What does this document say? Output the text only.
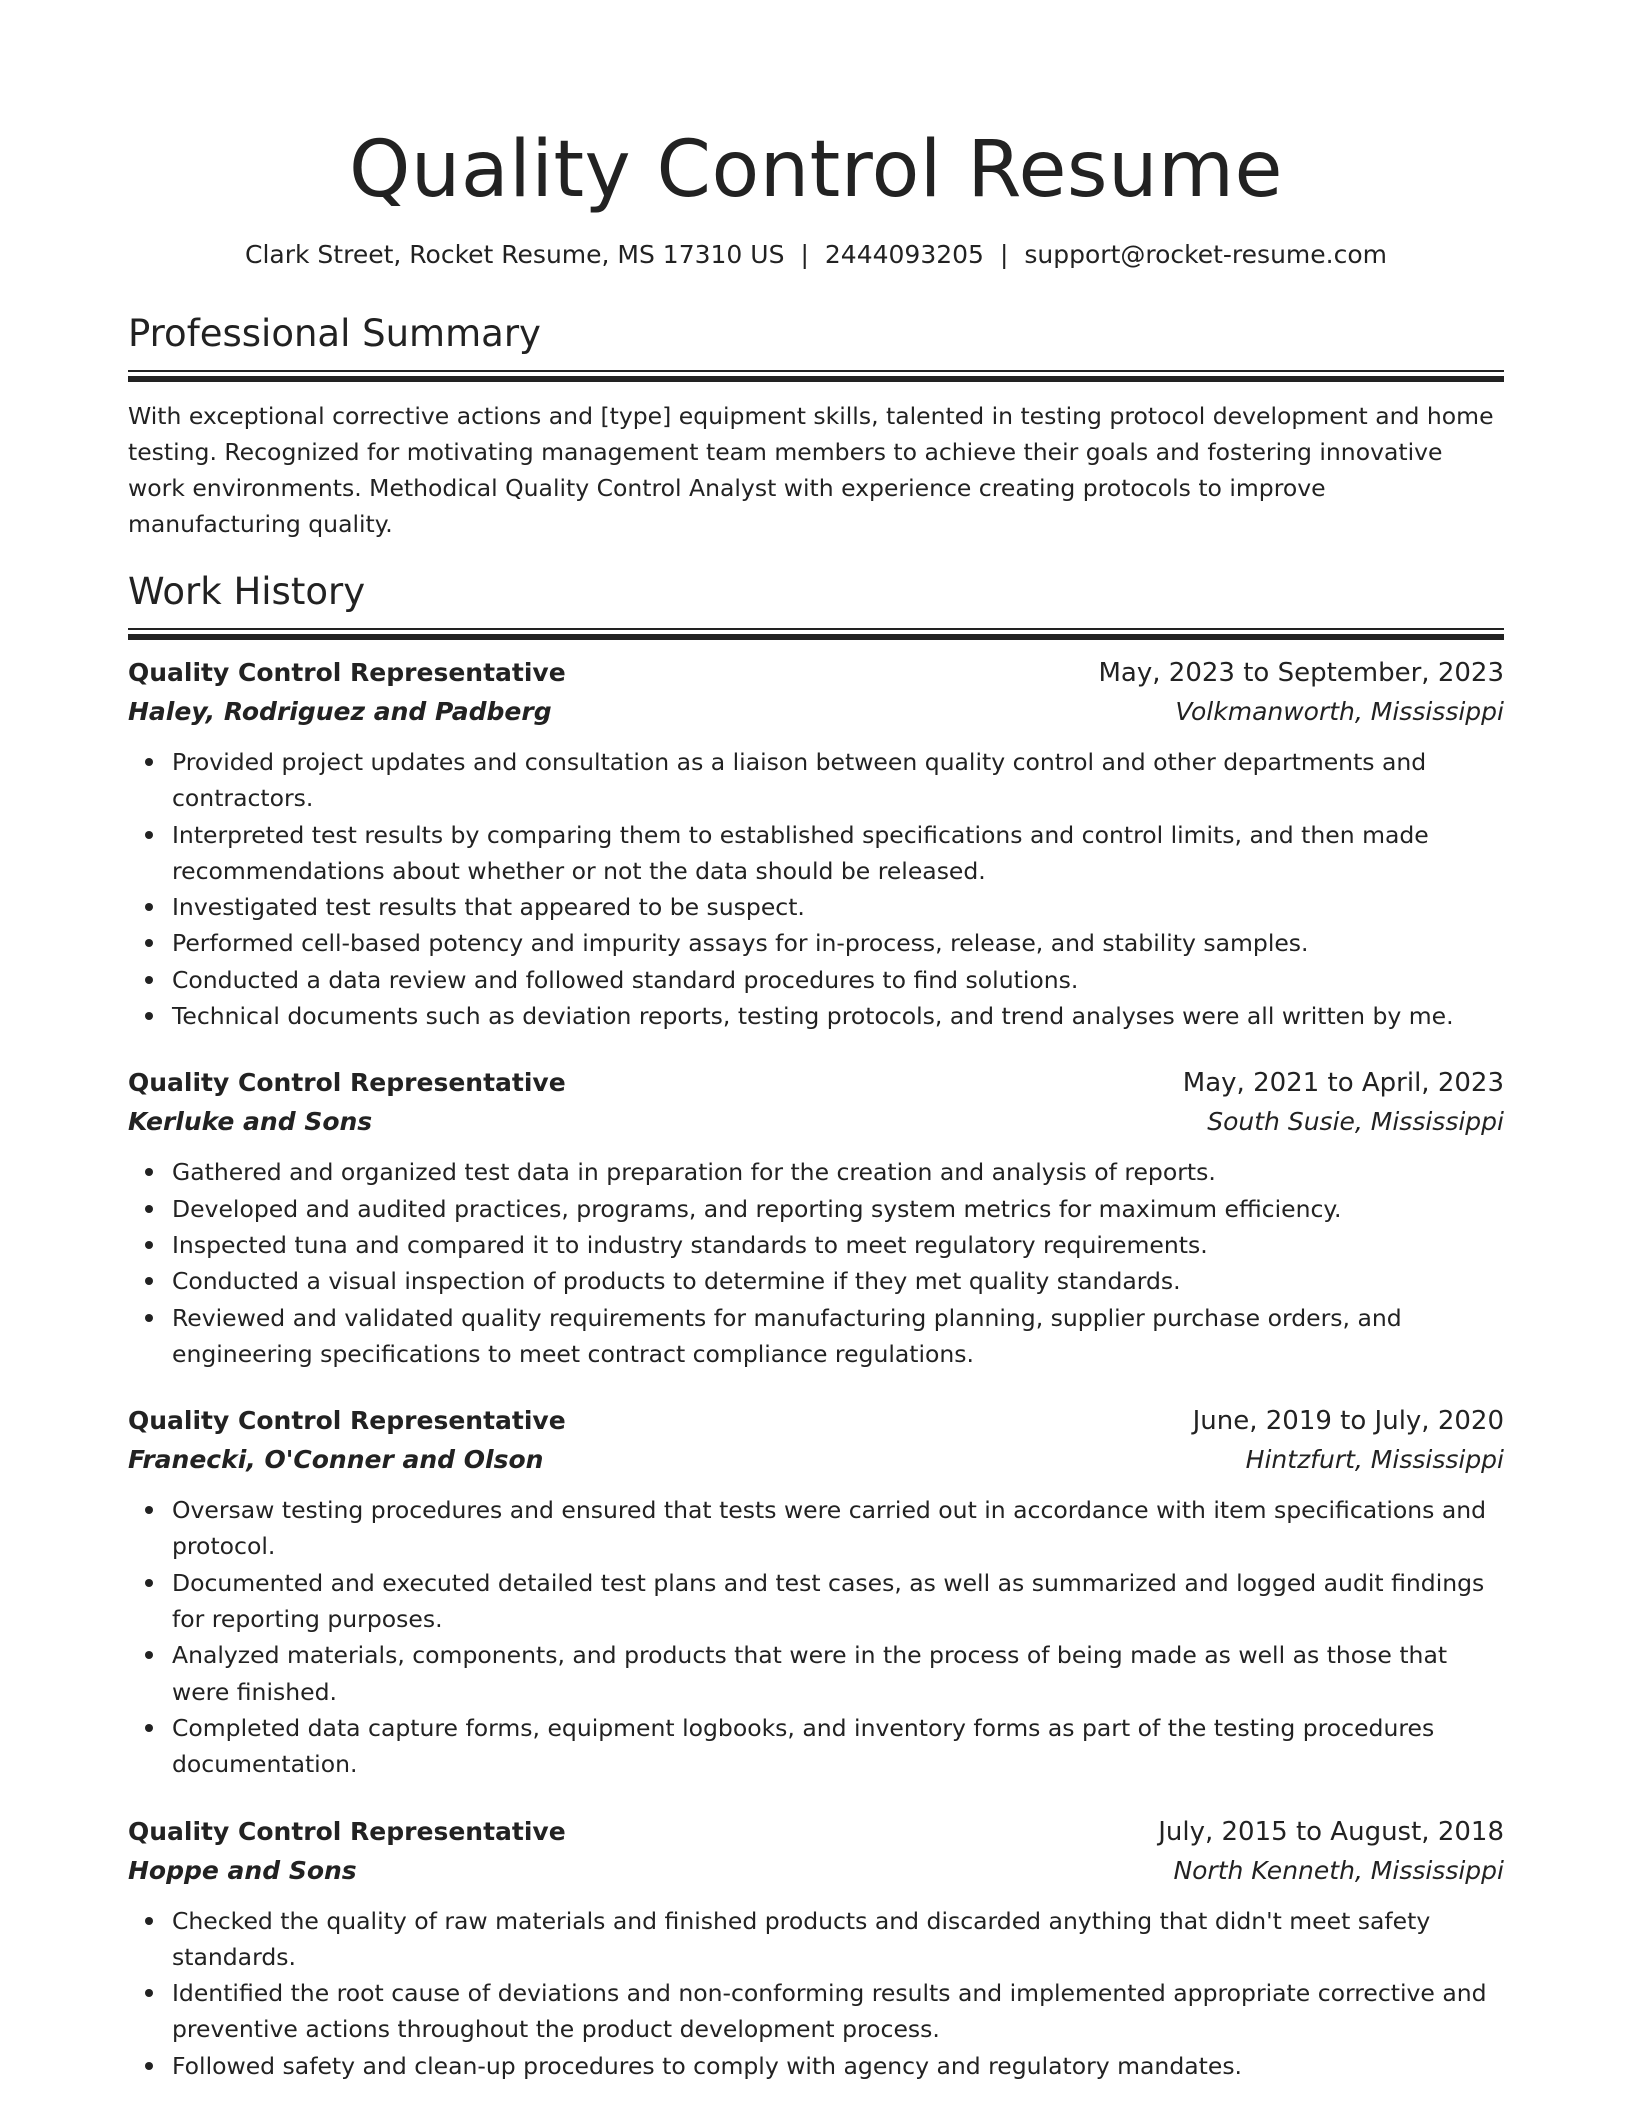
Quality Control Resume
Clark Street, Rocket Resume, MS 17310 US | 2444093205 | support@rocket-resume.com
Professional Summary

With exceptional corrective actions and [type] equipment skills, talented in testing protocol development and home testing. Recognized for motivating management team members to achieve their goals and fostering innovative work environments. Methodical Quality Control Analyst with experience creating protocols to improve manufacturing quality.

Work History
Quality Control Representative	May, 2023 to September, 2023
Haley, Rodriguez and Padberg	Volkmanworth, Mississippi
Provided project updates and consultation as a liaison between quality control and other departments and contractors.
Interpreted test results by comparing them to established specifications and control limits, and then made recommendations about whether or not the data should be released.
Investigated test results that appeared to be suspect.
Performed cell-based potency and impurity assays for in-process, release, and stability samples.
Conducted a data review and followed standard procedures to find solutions.
Technical documents such as deviation reports, testing protocols, and trend analyses were all written by me.
Quality Control Representative	May, 2021 to April, 2023
Kerluke and Sons	South Susie, Mississippi
Gathered and organized test data in preparation for the creation and analysis of reports.
Developed and audited practices, programs, and reporting system metrics for maximum efficiency.
Inspected tuna and compared it to industry standards to meet regulatory requirements.
Conducted a visual inspection of products to determine if they met quality standards.
Reviewed and validated quality requirements for manufacturing planning, supplier purchase orders, and engineering specifications to meet contract compliance regulations.
Quality Control Representative	June, 2019 to July, 2020
Franecki, O'Conner and Olson	Hintzfurt, Mississippi
Oversaw testing procedures and ensured that tests were carried out in accordance with item specifications and protocol.
Documented and executed detailed test plans and test cases, as well as summarized and logged audit findings for reporting purposes.
Analyzed materials, components, and products that were in the process of being made as well as those that were finished.
Completed data capture forms, equipment logbooks, and inventory forms as part of the testing procedures documentation.
Quality Control Representative	July, 2015 to August, 2018
Hoppe and Sons	North Kenneth, Mississippi
Checked the quality of raw materials and finished products and discarded anything that didn't meet safety standards.
Identified the root cause of deviations and non-conforming results and implemented appropriate corrective and preventive actions throughout the product development process.
Followed safety and clean-up procedures to comply with agency and regulatory mandates.
